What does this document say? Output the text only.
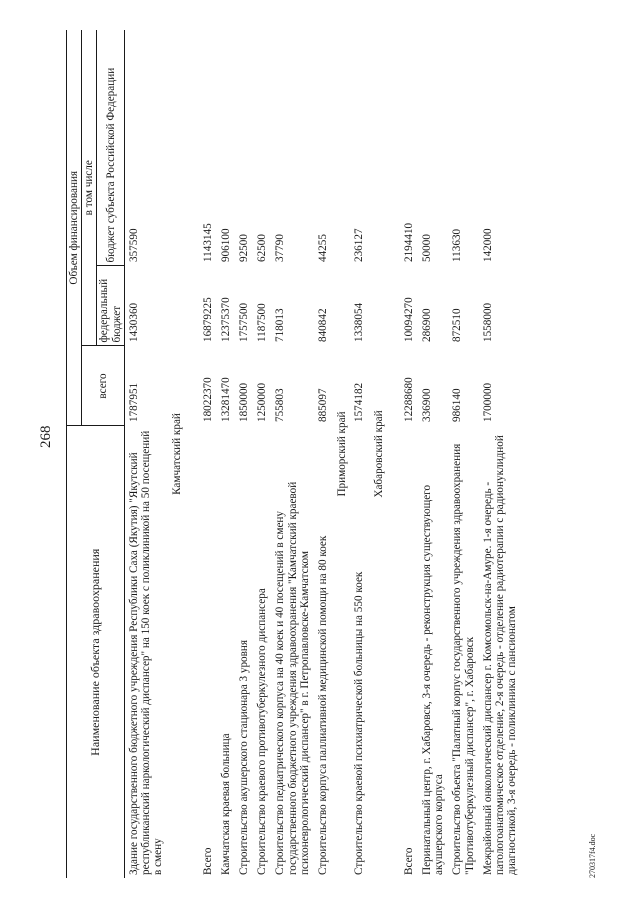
268
Наименование объекта здравоохранения	Объем финансирования		
	всего	в том числе	
		федеральный бюджет	бюджет субъекта Российской Федерации
Здание государственного бюджетного учреждения Республики Саха (Якутия) "Якутский республиканский наркологический диспансер" на 150 коек с поликлиникой на 50 посещений в смену	1787951	1430360	357590
Камчатский край			
Всего	18022370	16879225	1143145
Камчатская краевая больница	13281470	12375370	906100
Строительство акушерского стационара 3 уровня	1850000	1757500	92500
Строительство краевого противотуберкулезного диспансера	1250000	1187500	62500
Строительство педиатрического корпуса на 40 коек и 40 посещений в смену государственного бюджетного учреждения здравоохранения "Камчатский краевой психоневрологический диспансер" в г. Петропавловске-Камчатском	755803	718013	37790
Строительство корпуса паллиативной медицинской помощи на 80 коек	885097	840842	44255
Приморский край			
Строительство краевой психиатрической больницы на 550 коек	1574182	1338054	236127
Хабаровский край			
Всего	12288680	10094270	2194410
Перинатальный центр, г. Хабаровск, 3-я очередь - реконструкция существующего акушерского корпуса	336900	286900	50000
Строительство объекта "Палатный корпус государственного учреждения здравоохранения "Противотуберкулезный диспансер", г. Хабаровск	986140	872510	113630
Межрайонный онкологический диспансер г. Комсомольск-на-Амуре. 1-я очередь - патологоанатомическое отделение, 2-я очередь - отделение радиотерапии с радионуклидной диагностикой, 3-я очередь - поликлиника с пансионатом	1700000	1558000	142000
270317f4.doc
